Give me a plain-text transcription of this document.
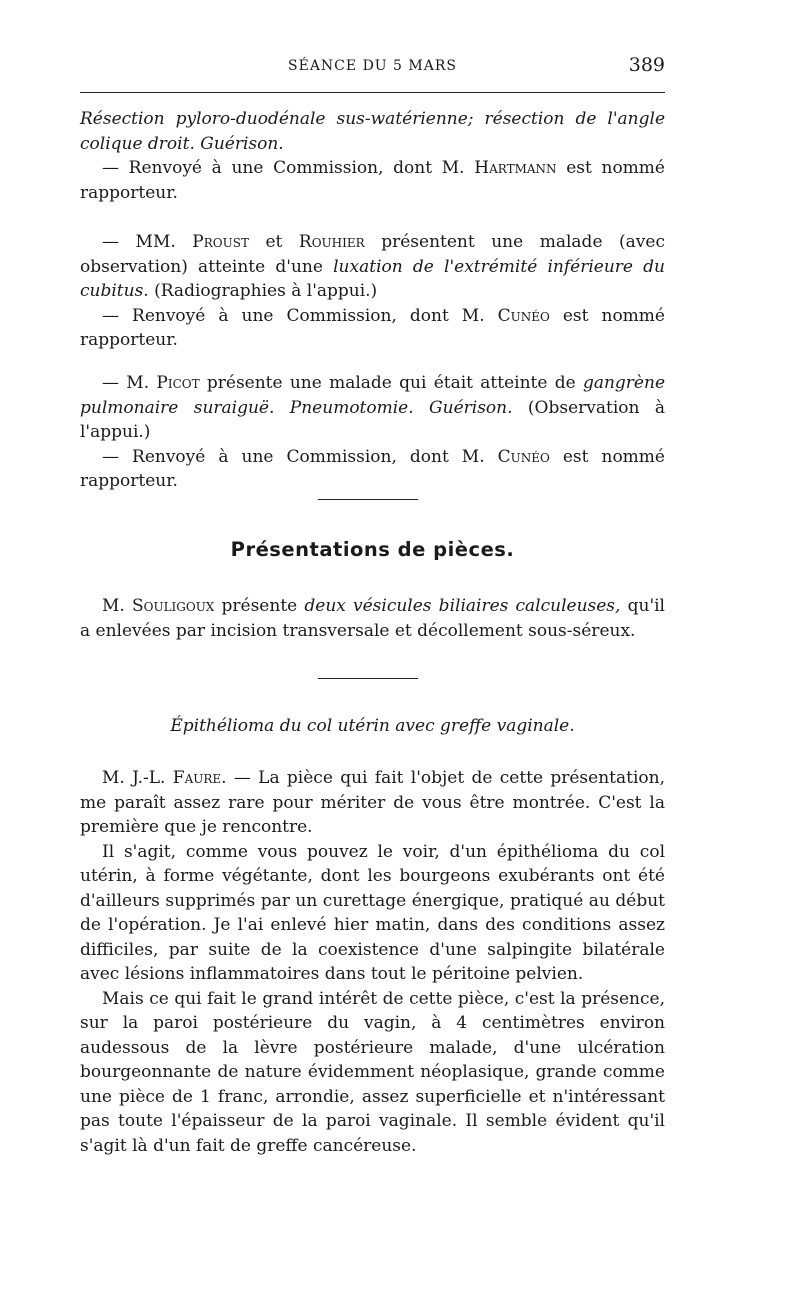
SÉANCE DU 5 MARS	389

Résection pyloro-duodénale sus-watérienne; résection de l'angle colique droit. Guérison.

— Renvoyé à une Commission, dont M. Hartmann est nommé rapporteur.

— MM. Proust et Rouhier présentent une malade (avec observation) atteinte d'une luxation de l'extrémité inférieure du cubitus. (Radiographies à l'appui.)

— Renvoyé à une Commission, dont M. Cunéo est nommé rapporteur.

— M. Picot présente une malade qui était atteinte de gangrène pulmonaire suraiguë. Pneumotomie. Guérison. (Observation à l'appui.)

— Renvoyé à une Commission, dont M. Cunéo est nommé rapporteur.

Présentations de pièces.

M. Souligoux présente deux vésicules biliaires calculeuses, qu'il a enlevées par incision transversale et décollement sous-séreux.

Épithélioma du col utérin avec greffe vaginale.

M. J.-L. Faure. — La pièce qui fait l'objet de cette présentation, me paraît assez rare pour mériter de vous être montrée. C'est la première que je rencontre.

Il s'agit, comme vous pouvez le voir, d'un épithélioma du col utérin, à forme végétante, dont les bourgeons exubérants ont été d'ailleurs supprimés par un curettage énergique, pratiqué au début de l'opération. Je l'ai enlevé hier matin, dans des conditions assez difficiles, par suite de la coexistence d'une salpingite bilatérale avec lésions inflammatoires dans tout le péritoine pelvien.

Mais ce qui fait le grand intérêt de cette pièce, c'est la présence, sur la paroi postérieure du vagin, à 4 centimètres environ audessous de la lèvre postérieure malade, d'une ulcération bourgeonnante de nature évidemment néoplasique, grande comme une pièce de 1 franc, arrondie, assez superficielle et n'intéressant pas toute l'épaisseur de la paroi vaginale. Il semble évident qu'il s'agit là d'un fait de greffe cancéreuse.
